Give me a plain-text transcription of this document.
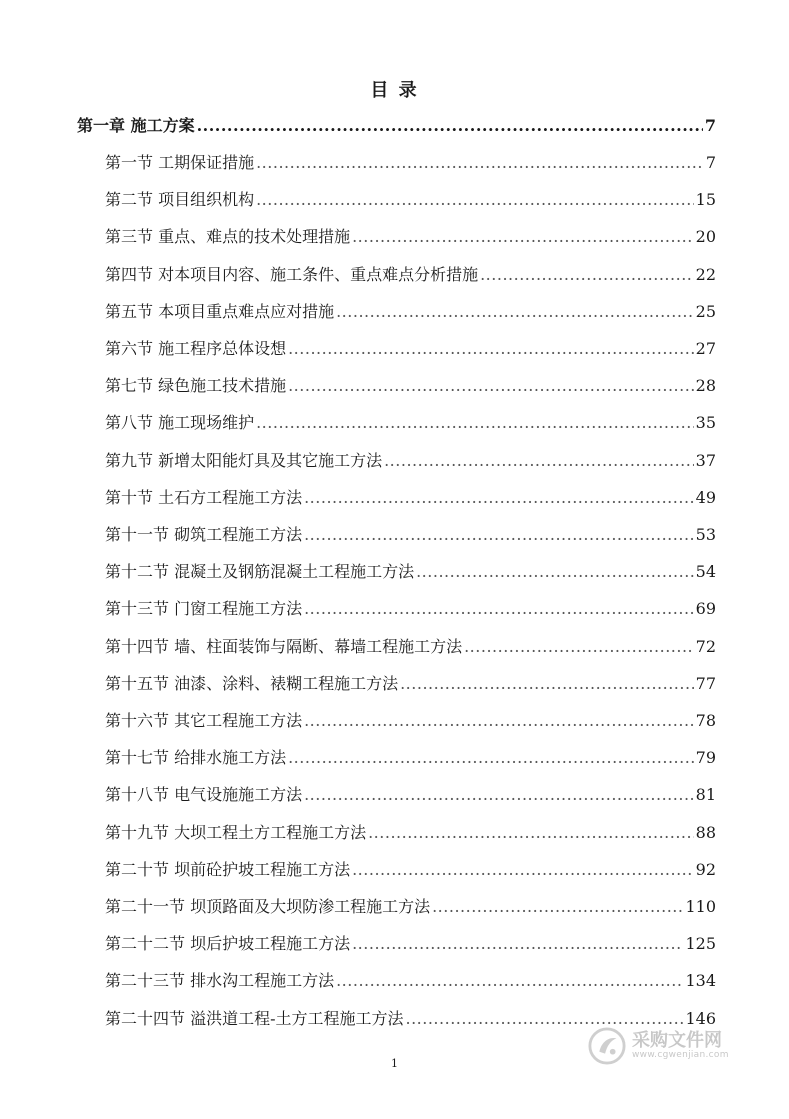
目 录
第一章 施工方案 .....	7
第一节 工期保证措施 .....	7
第二节 项目组织机构 .....	15
第三节 重点、难点的技术处理措施 .....	20
第四节 对本项目内容、施工条件、重点难点分析措施 .....	22
第五节 本项目重点难点应对措施 .....	25
第六节 施工程序总体设想 .....	27
第七节 绿色施工技术措施 .....	28
第八节 施工现场维护 .....	35
第九节 新增太阳能灯具及其它施工方法 .....	37
第十节 土石方工程施工方法 .....	49
第十一节 砌筑工程施工方法 .....	53
第十二节 混凝土及钢筋混凝土工程施工方法 .....	54
第十三节 门窗工程施工方法 .....	69
第十四节 墙、柱面装饰与隔断、幕墙工程施工方法 .....	72
第十五节 油漆、涂料、裱糊工程施工方法 .....	77
第十六节 其它工程施工方法 .....	78
第十七节 给排水施工方法 .....	79
第十八节 电气设施施工方法 .....	81
第十九节 大坝工程土方工程施工方法 .....	88
第二十节 坝前砼护坡工程施工方法 .....	92
第二十一节 坝顶路面及大坝防渗工程施工方法 .....	110
第二十二节 坝后护坡工程施工方法 .....	125
第二十三节 排水沟工程施工方法 .....	134
第二十四节 溢洪道工程-土方工程施工方法 .....	146
1
采购文件网
www.cgwenjian.com
